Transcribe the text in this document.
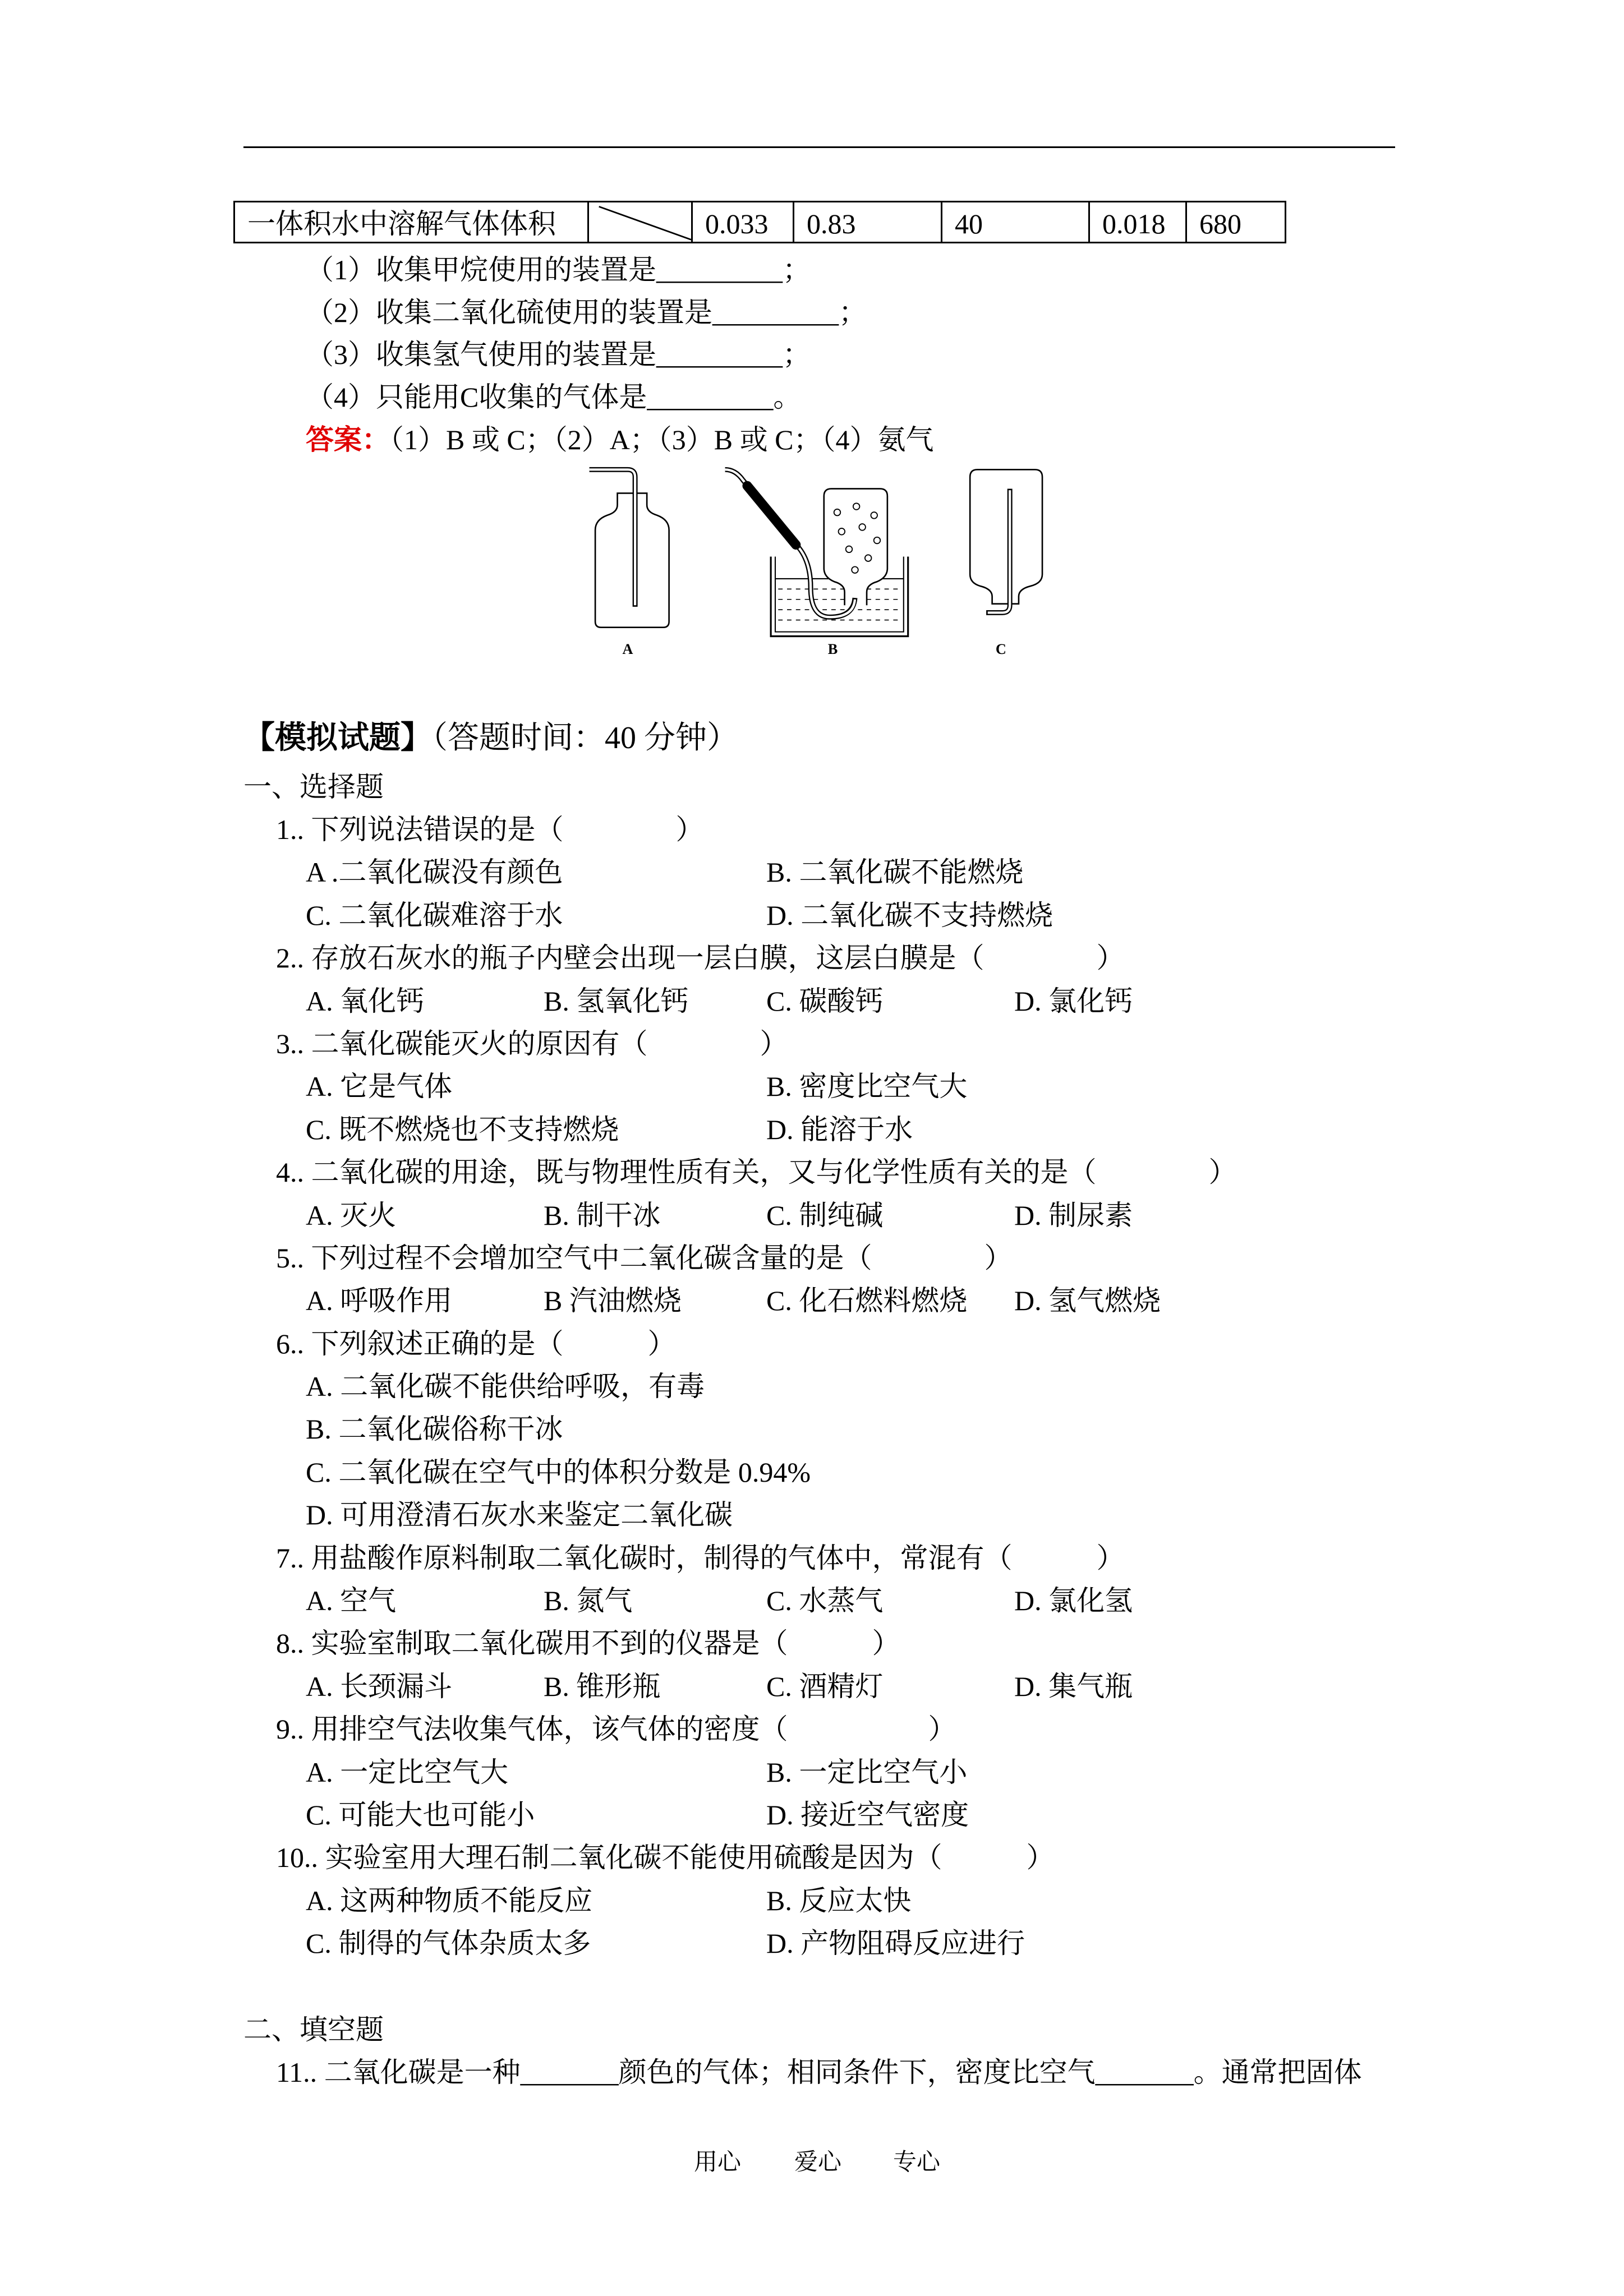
一体积水中溶解气体体积		0.033	0.83	40	0.018	680
（1）收集甲烷使用的装置是_________；
（2）收集二氧化硫使用的装置是_________；
（3）收集氢气使用的装置是_________；
（4）只能用C收集的气体是_________。
答案：（1）B 或 C；（2）A；（3）B 或 C；（4）氨气
A	B	C
【模拟试题】（答题时间：40 分钟）
一、选择题
1.. 下列说法错误的是（　　　　）
A .二氧化碳没有颜色	B. 二氧化碳不能燃烧
C. 二氧化碳难溶于水	D. 二氧化碳不支持燃烧
2.. 存放石灰水的瓶子内壁会出现一层白膜，这层白膜是（　　　　）
A. 氧化钙	B. 氢氧化钙	C. 碳酸钙	D. 氯化钙
3.. 二氧化碳能灭火的原因有（　　　　）
A. 它是气体	B. 密度比空气大
C. 既不燃烧也不支持燃烧	D. 能溶于水
4.. 二氧化碳的用途，既与物理性质有关，又与化学性质有关的是（　　　　）
A. 灭火	B. 制干冰	C. 制纯碱	D. 制尿素
5.. 下列过程不会增加空气中二氧化碳含量的是（　　　　）
A. 呼吸作用	B 汽油燃烧	C. 化石燃料燃烧 D. 氢气燃烧
6.. 下列叙述正确的是（　　　）
A. 二氧化碳不能供给呼吸，有毒
B. 二氧化碳俗称干冰
C. 二氧化碳在空气中的体积分数是 0.94%
D. 可用澄清石灰水来鉴定二氧化碳
7.. 用盐酸作原料制取二氧化碳时，制得的气体中，常混有（　　　）
A. 空气	B. 氮气	C. 水蒸气	D. 氯化氢
8.. 实验室制取二氧化碳用不到的仪器是（　　　）
A. 长颈漏斗	B. 锥形瓶	C. 酒精灯	D. 集气瓶
9.. 用排空气法收集气体，该气体的密度（　　　　　）
A. 一定比空气大	B. 一定比空气小
C. 可能大也可能小	D. 接近空气密度
10.. 实验室用大理石制二氧化碳不能使用硫酸是因为（　　　）
A. 这两种物质不能反应	B. 反应太快
C. 制得的气体杂质太多	D. 产物阻碍反应进行
二、填空题
11.. 二氧化碳是一种_______颜色的气体；相同条件下，密度比空气_______。通常把固体
用心 爱心 专心
